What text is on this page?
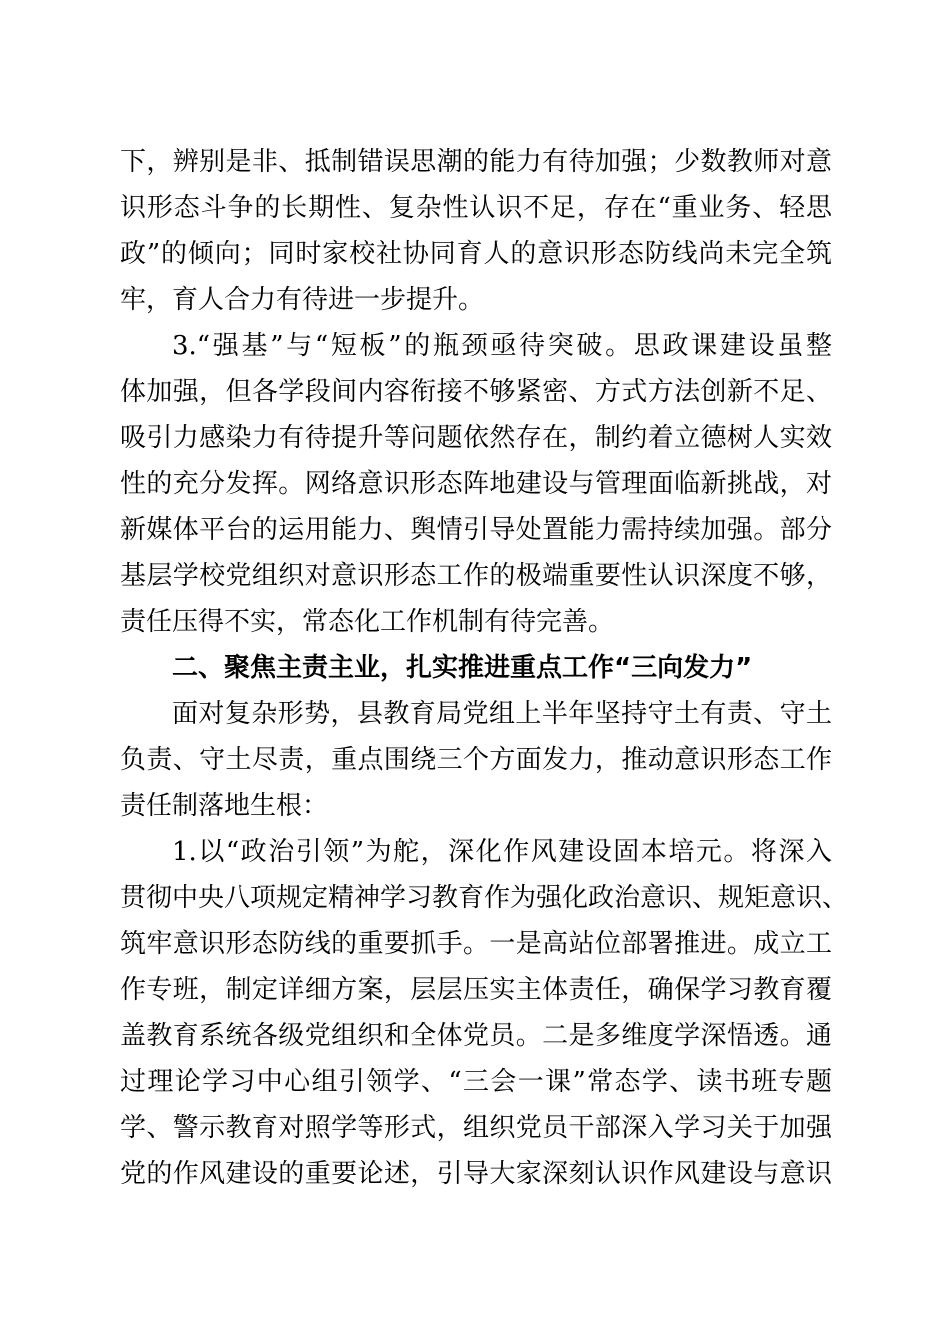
下，辨别是非、抵制错误思潮的能力有待加强；少数教师对意
识形态斗争的长期性、复杂性认识不足，存在“重业务、轻思
政”的倾向；同时家校社协同育人的意识形态防线尚未完全筑
牢，育人合力有待进一步提升。
3.“强基”与“短板”的瓶颈亟待突破。思政课建设虽整
体加强，但各学段间内容衔接不够紧密、方式方法创新不足、
吸引力感染力有待提升等问题依然存在，制约着立德树人实效
性的充分发挥。网络意识形态阵地建设与管理面临新挑战，对
新媒体平台的运用能力、舆情引导处置能力需持续加强。部分
基层学校党组织对意识形态工作的极端重要性认识深度不够，
责任压得不实，常态化工作机制有待完善。
二、聚焦主责主业，扎实推进重点工作“三向发力”
面对复杂形势，县教育局党组上半年坚持守土有责、守土
负责、守土尽责，重点围绕三个方面发力，推动意识形态工作
责任制落地生根：
1.以“政治引领”为舵，深化作风建设固本培元。将深入
贯彻中央八项规定精神学习教育作为强化政治意识、规矩意识、
筑牢意识形态防线的重要抓手。一是高站位部署推进。成立工
作专班，制定详细方案，层层压实主体责任，确保学习教育覆
盖教育系统各级党组织和全体党员。二是多维度学深悟透。通
过理论学习中心组引领学、“三会一课”常态学、读书班专题
学、警示教育对照学等形式，组织党员干部深入学习关于加强
党的作风建设的重要论述，引导大家深刻认识作风建设与意识
